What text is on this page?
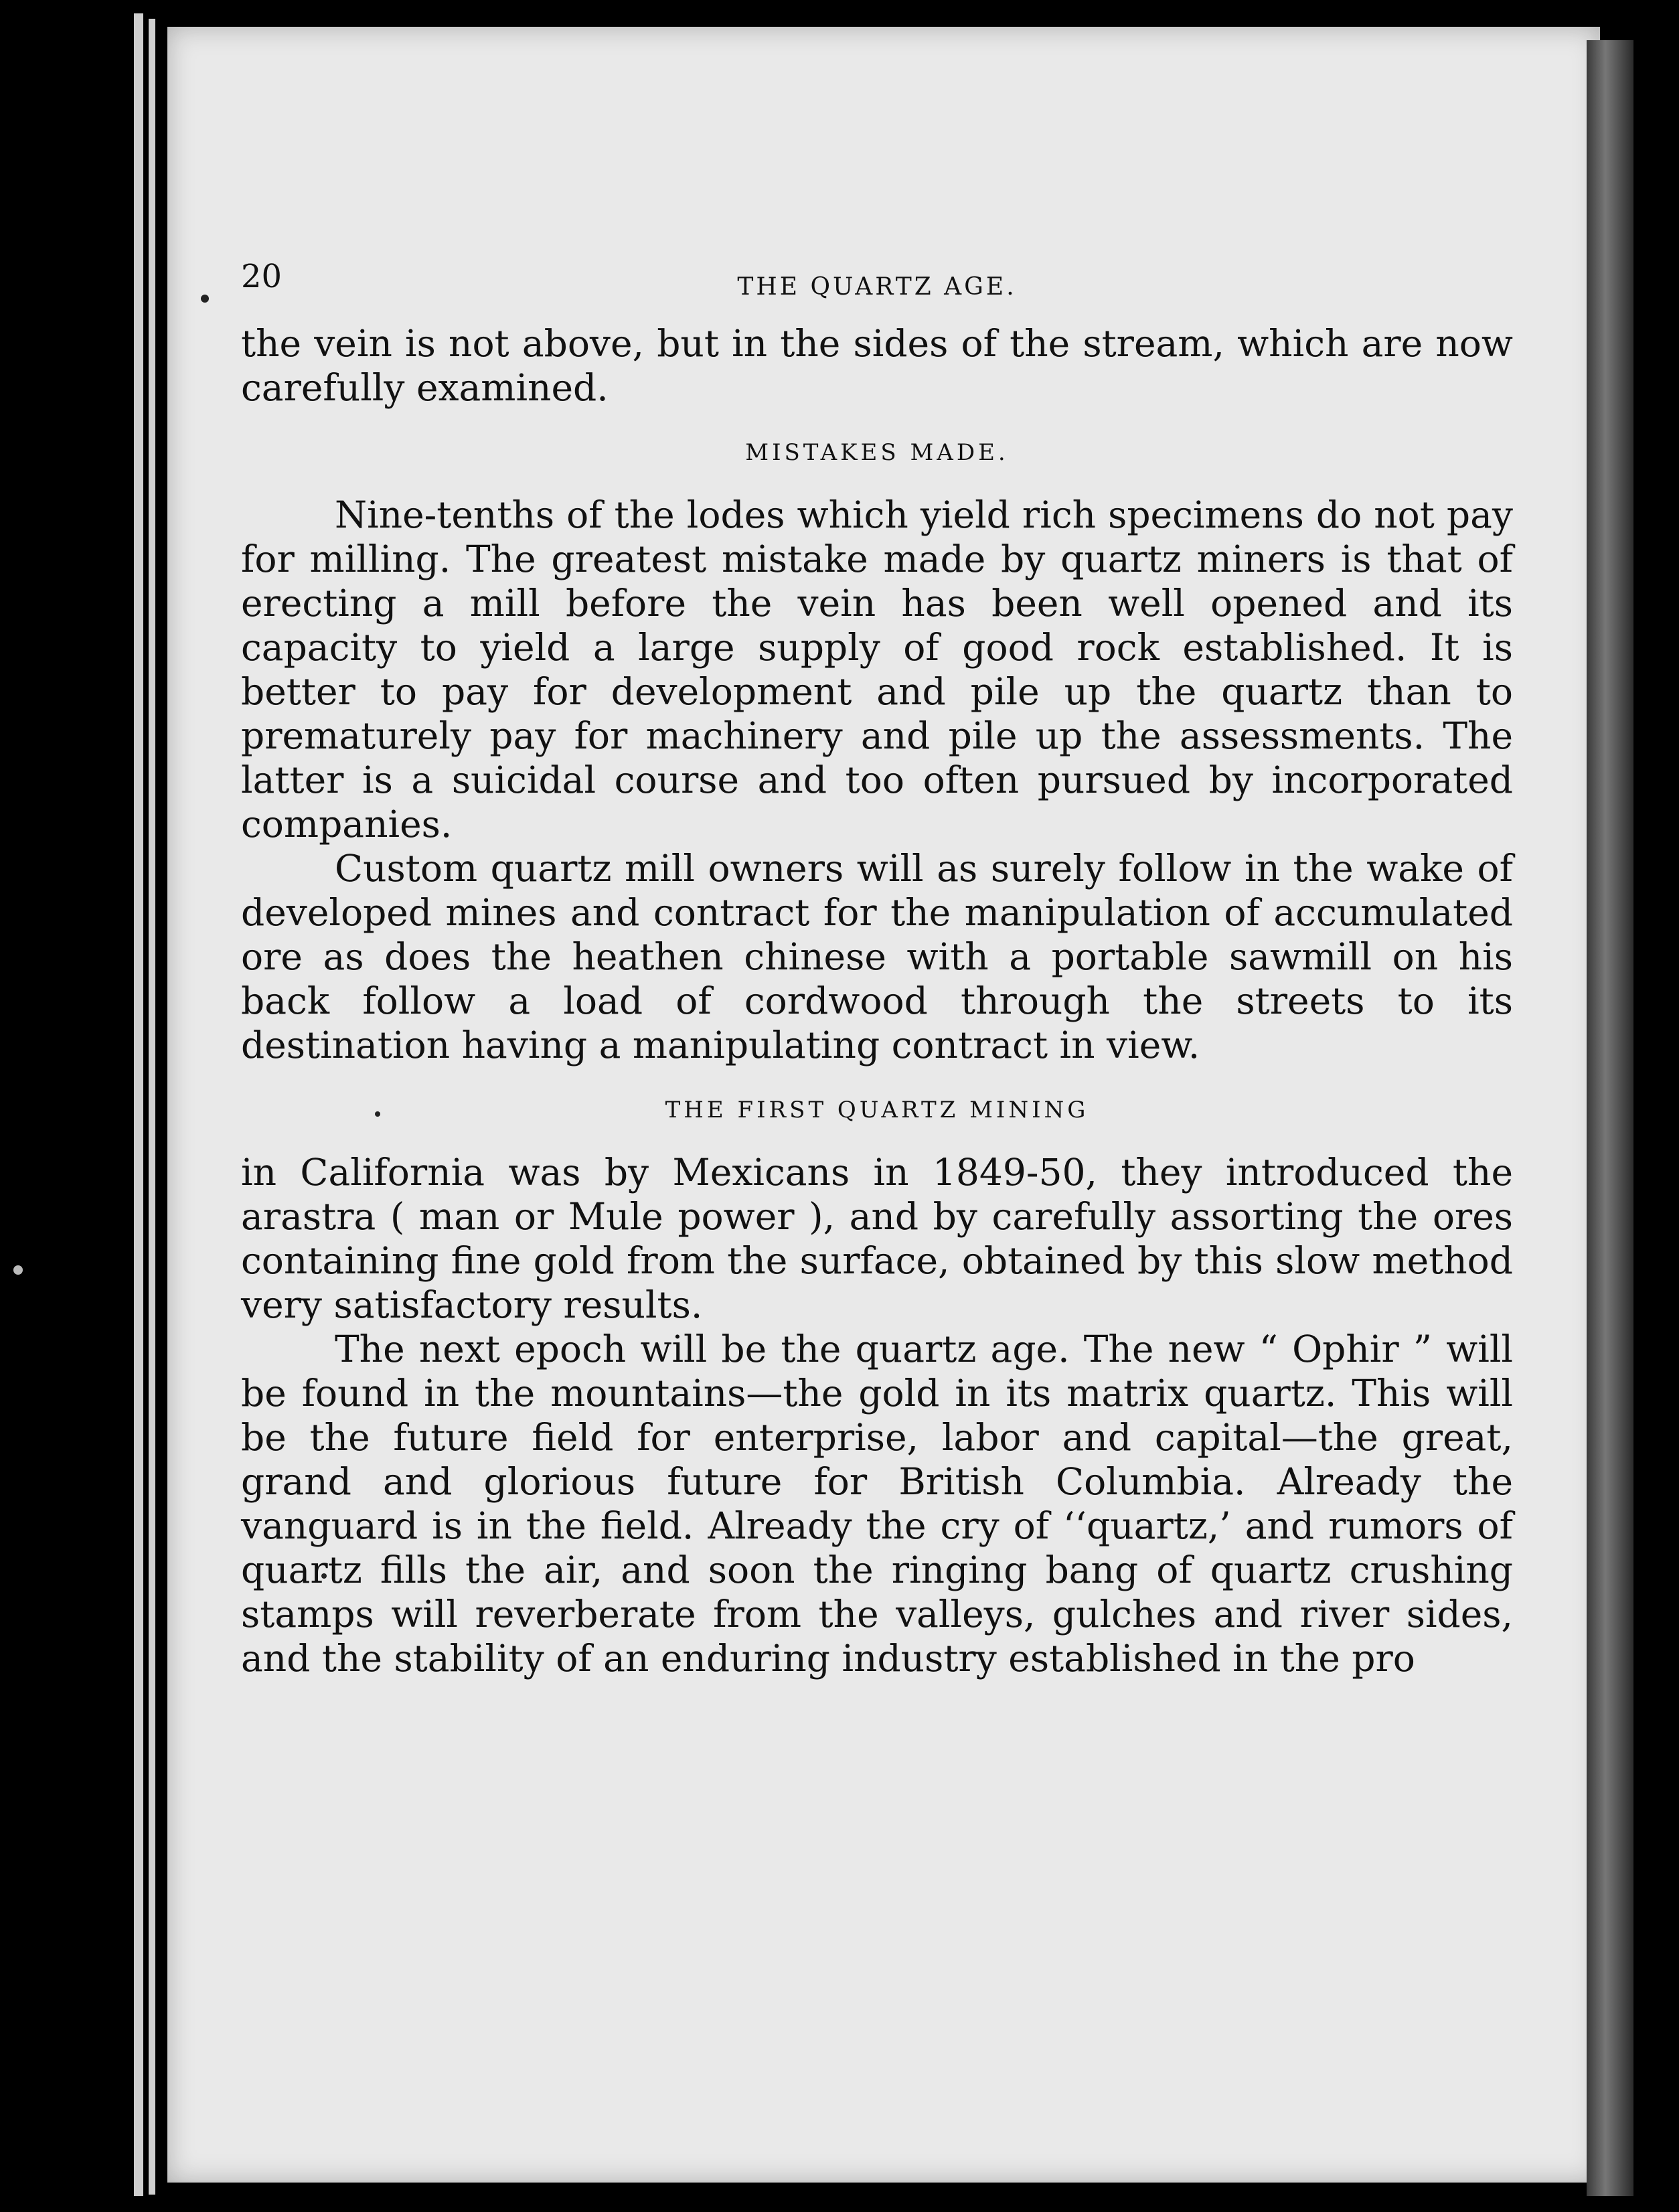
20	THE QUARTZ AGE.

the vein is not above, but in the sides of the stream, which are now carefully examined.

MISTAKES MADE.

Nine-tenths of the lodes which yield rich specimens do not pay for milling. The greatest mistake made by quartz miners is that of erecting a mill before the vein has been well opened and its capacity to yield a large supply of good rock established. It is better to pay for development and pile up the quartz than to prematurely pay for machinery and pile up the assessments. The latter is a suicidal course and too often pursued by incorporated companies.

Custom quartz mill owners will as surely follow in the wake of developed mines and contract for the manipulation of accumulated ore as does the heathen chinese with a portable sawmill on his back follow a load of cordwood through the streets to its destination having a manipulating contract in view.

THE FIRST QUARTZ MINING

in California was by Mexicans in 1849-50, they introduced the arastra ( man or Mule power ), and by carefully assorting the ores containing fine gold from the surface, obtained by this slow method very satisfactory results.

The next epoch will be the quartz age. The new “ Ophir ” will be found in the mountains—the gold in its matrix quartz. This will be the future field for enterprise, labor and capital—the great, grand and glorious future for British Columbia. Already the vanguard is in the field. Already the cry of ‘‘quartz,’ and rumors of quartz fills the air, and soon the ringing bang of quartz crushing stamps will reverberate from the valleys, gulches and river sides, and the stability of an enduring industry established in the pro
